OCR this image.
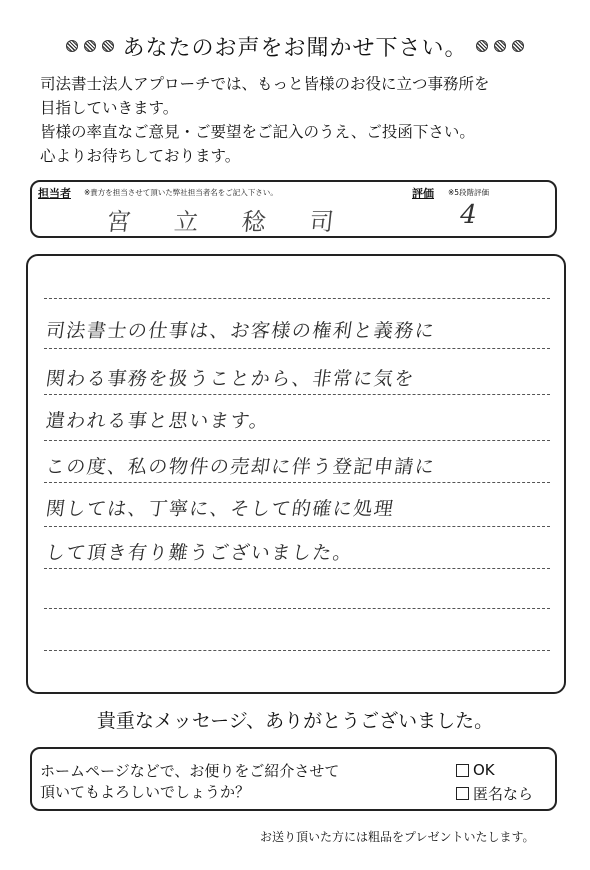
あなたのお声をお聞かせ下さい。
司法書士法人アプローチでは、もっと皆様のお役に立つ事務所を
目指していきます。
皆様の率直なご意見・ご要望をご記入のうえ、ご投函下さい。
心よりお待ちしております。
担当者 ※貴方を担当させて頂いた弊社担当者名をご記入下さい。	評価 ※5段階評価
宮 立 稔 司	4
司法書士の仕事は、お客様の権利と義務に
関わる事務を扱うことから、非常に気を
遣われる事と思います。
この度、私の物件の売却に伴う登記申請に
関しては、丁寧に、そして的確に処理
して頂き有り難うございました。
貴重なメッセージ、ありがとうございました。
ホームページなどで、お便りをご紹介させて
頂いてもよろしいでしょうか？
OK
匿名なら
お送り頂いた方には粗品をプレゼントいたします。
